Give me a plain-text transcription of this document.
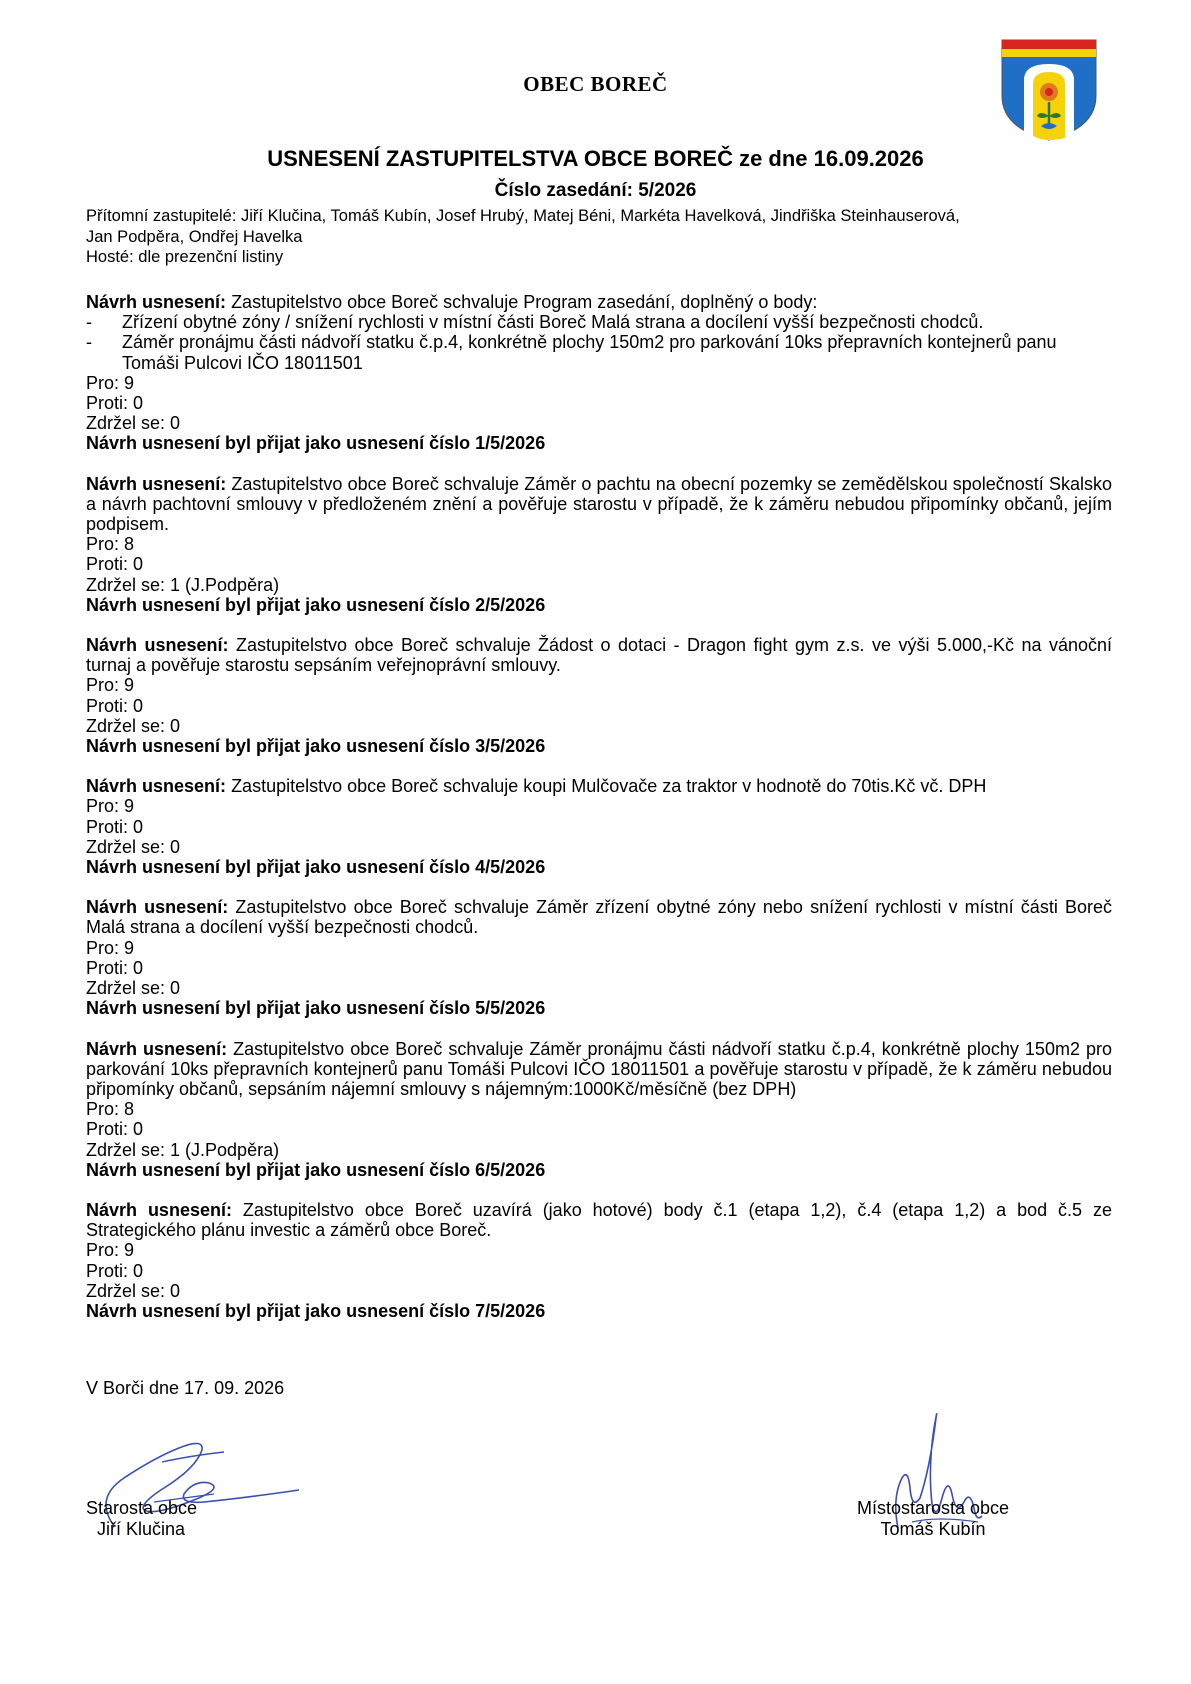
OBEC BOREČ
USNESENÍ ZASTUPITELSTVA OBCE BOREČ ze dne 16.09.2026
Číslo zasedání: 5/2026
Přítomní zastupitelé: Jiří Klučina, Tomáš Kubín, Josef Hrubý, Matej Béni, Markéta Havelková, Jindřiška Steinhauserová,
Jan Podpěra, Ondřej Havelka
Hosté: dle prezenční listiny
Návrh usnesení: Zastupitelstvo obce Boreč schvaluje Program zasedání, doplněný o body:
- Zřízení obytné zóny / snížení rychlosti v místní části Boreč Malá strana a docílení vyšší bezpečnosti chodců.
- Záměr pronájmu části nádvoří statku č.p.4, konkrétně plochy 150m2 pro parkování 10ks přepravních kontejnerů panu Tomáši Pulcovi IČO 18011501
Pro: 9
Proti: 0
Zdržel se: 0
Návrh usnesení byl přijat jako usnesení číslo 1/5/2026
Návrh usnesení: Zastupitelstvo obce Boreč schvaluje Záměr o pachtu na obecní pozemky se zemědělskou společností Skalsko a návrh pachtovní smlouvy v předloženém znění a pověřuje starostu v případě, že k záměru nebudou připomínky občanů, jejím podpisem.
Pro: 8
Proti: 0
Zdržel se: 1 (J.Podpěra)
Návrh usnesení byl přijat jako usnesení číslo 2/5/2026
Návrh usnesení: Zastupitelstvo obce Boreč schvaluje Žádost o dotaci - Dragon fight gym z.s. ve výši 5.000,-Kč na vánoční turnaj a pověřuje starostu sepsáním veřejnoprávní smlouvy.
Pro: 9
Proti: 0
Zdržel se: 0
Návrh usnesení byl přijat jako usnesení číslo 3/5/2026
Návrh usnesení: Zastupitelstvo obce Boreč schvaluje koupi Mulčovače za traktor v hodnotě do 70tis.Kč vč. DPH
Pro: 9
Proti: 0
Zdržel se: 0
Návrh usnesení byl přijat jako usnesení číslo 4/5/2026
Návrh usnesení: Zastupitelstvo obce Boreč schvaluje Záměr zřízení obytné zóny nebo snížení rychlosti v místní části Boreč Malá strana a docílení vyšší bezpečnosti chodců.
Pro: 9
Proti: 0
Zdržel se: 0
Návrh usnesení byl přijat jako usnesení číslo 5/5/2026
Návrh usnesení: Zastupitelstvo obce Boreč schvaluje Záměr pronájmu části nádvoří statku č.p.4, konkrétně plochy 150m2 pro parkování 10ks přepravních kontejnerů panu Tomáši Pulcovi IČO 18011501 a pověřuje starostu v případě, že k záměru nebudou připomínky občanů, sepsáním nájemní smlouvy s nájemným:1000Kč/měsíčně (bez DPH)
Pro: 8
Proti: 0
Zdržel se: 1 (J.Podpěra)
Návrh usnesení byl přijat jako usnesení číslo 6/5/2026
Návrh usnesení: Zastupitelstvo obce Boreč uzavírá (jako hotové) body č.1 (etapa 1,2), č.4 (etapa 1,2) a bod č.5 ze Strategického plánu investic a záměrů obce Boreč.
Pro: 9
Proti: 0
Zdržel se: 0
Návrh usnesení byl přijat jako usnesení číslo 7/5/2026
V Borči dne 17. 09. 2026
Starosta obce
Jiří Klučina
Místostarosta obce
Tomáš Kubín
